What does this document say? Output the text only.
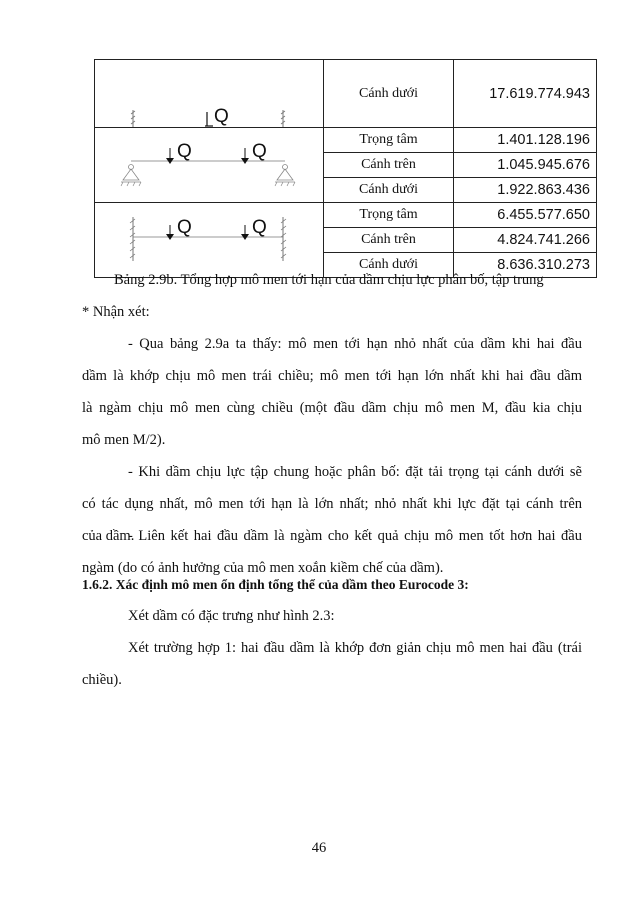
Q	Cánh dưới	17.619.774.943

Q Q	Trọng tâm	1.401.128.196
	Cánh trên	1.045.945.676
	Cánh dưới	1.922.863.436

Q Q	Trọng tâm	6.455.577.650
	Cánh trên	4.824.741.266
	Cánh dưới	8.636.310.273
Bảng 2.9b. Tổng hợp mô men tới hạn của dầm chịu lực phân bố, tập trung
* Nhận xét:
- Qua bảng 2.9a ta thấy: mô men tới hạn nhỏ nhất của dầm khi hai đầu
dầm là khớp chịu mô men trái chiều; mô men tới hạn lớn nhất khi hai đầu dầm
là ngàm chịu mô men cùng chiều (một đầu dầm chịu mô men M, đầu kia chịu
mô men M/2).
- Khi dầm chịu lực tập chung hoặc phân bố: đặt tải trọng tại cánh dưới sẽ
có tác dụng nhất, mô men tới hạn là lớn nhất; nhỏ nhất khi lực đặt tại cánh trên
của dầm.
- Liên kết hai đầu dầm là ngàm cho kết quả chịu mô men tốt hơn hai đầu
ngàm (do có ảnh hưởng của mô men xoắn kiềm chế của dầm).
1.6.2. Xác định mô men ổn định tổng thể của dầm theo Eurocode 3:
Xét dầm có đặc trưng như hình 2.3:
Xét trường hợp 1: hai đầu dầm là khớp đơn giản chịu mô men hai đầu (trái
chiều).
46
